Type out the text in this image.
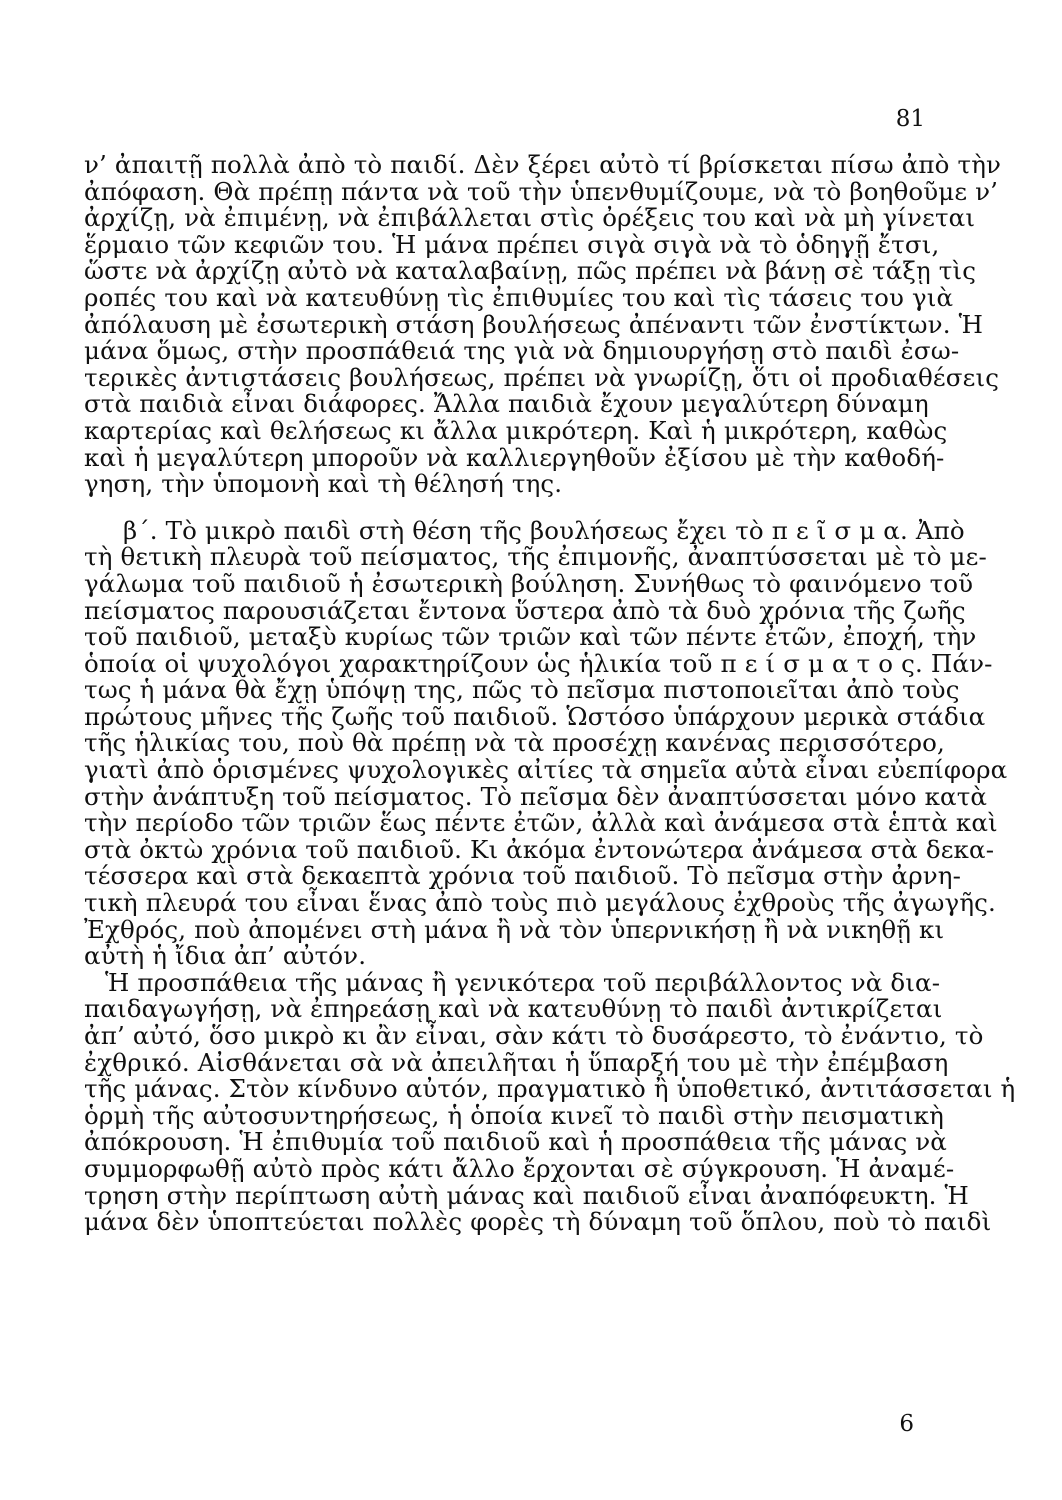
81
ν’ ἀπαιτῇ πολλὰ ἀπὸ τὸ παιδί. Δὲν ξέρει αὐτὸ τί βρίσκεται πίσω ἀπὸ τὴν
ἀπόφαση. Θὰ πρέπῃ πάντα νὰ τοῦ τὴν ὑπενθυμίζουμε, νὰ τὸ βοηθοῦμε ν’
ἀρχίζῃ, νὰ ἐπιμένῃ, νὰ ἐπιβάλλεται στὶς ὀρέξεις του καὶ νὰ μὴ γίνεται
ἕρμαιο τῶν κεφιῶν του. Ἡ μάνα πρέπει σιγὰ σιγὰ νὰ τὸ ὁδηγῇ ἔτσι,
ὥστε νὰ ἀρχίζῃ αὐτὸ νὰ καταλαβαίνῃ, πῶς πρέπει νὰ βάνῃ σὲ τάξῃ τὶς
ροπές του καὶ νὰ κατευθύνῃ τὶς ἐπιθυμίες του καὶ τὶς τάσεις του γιὰ
ἀπόλαυση μὲ ἐσωτερικὴ στάση βουλήσεως ἀπέναντι τῶν ἐνστίκτων. Ἡ
μάνα ὅμως, στὴν προσπάθειά της γιὰ νὰ δημιουργήσῃ στὸ παιδὶ ἐσω-
τερικὲς ἀντιστάσεις βουλήσεως, πρέπει νὰ γνωρίζῃ, ὅτι οἱ προδιαθέσεις
στὰ παιδιὰ εἶναι διάφορες. Ἄλλα παιδιὰ ἔχουν μεγαλύτερη δύναμη
καρτερίας καὶ θελήσεως κι ἄλλα μικρότερη. Καὶ ἡ μικρότερη, καθὼς
καὶ ἡ μεγαλύτερη μποροῦν νὰ καλλιεργηθοῦν ἐξίσου μὲ τὴν καθοδή-
γηση, τὴν ὑπομονὴ καὶ τὴ θέλησή της.
β΄. Τὸ μικρὸ παιδὶ στὴ θέση τῆς βουλήσεως ἔχει τὸ π ε ῖ σ μ α. Ἀπὸ
τὴ θετικὴ πλευρὰ τοῦ πείσματος, τῆς ἐπιμονῆς, ἀναπτύσσεται μὲ τὸ με-
γάλωμα τοῦ παιδιοῦ ἡ ἐσωτερικὴ βούληση. Συνήθως τὸ φαινόμενο τοῦ
πείσματος παρουσιάζεται ἔντονα ὕστερα ἀπὸ τὰ δυὸ χρόνια τῆς ζωῆς
τοῦ παιδιοῦ, μεταξὺ κυρίως τῶν τριῶν καὶ τῶν πέντε ἐτῶν, ἐποχή, τὴν
ὁποία οἱ ψυχολόγοι χαρακτηρίζουν ὡς ἡλικία τοῦ π ε ί σ μ α τ ο ς. Πάν-
τως ἡ μάνα θὰ ἔχῃ ὑπόψῃ της, πῶς τὸ πεῖσμα πιστοποιεῖται ἀπὸ τοὺς
πρώτους μῆνες τῆς ζωῆς τοῦ παιδιοῦ. Ὡστόσο ὑπάρχουν μερικὰ στάδια
τῆς ἡλικίας του, ποὺ θὰ πρέπῃ νὰ τὰ προσέχῃ κανένας περισσότερο,
γιατὶ ἀπὸ ὁρισμένες ψυχολογικὲς αἰτίες τὰ σημεῖα αὐτὰ εἶναι εὐεπίφορα
στὴν ἀνάπτυξη τοῦ πείσματος. Τὸ πεῖσμα δὲν ἀναπτύσσεται μόνο κατὰ
τὴν περίοδο τῶν τριῶν ἕως πέντε ἐτῶν, ἀλλὰ καὶ ἀνάμεσα στὰ ἑπτὰ καὶ
στὰ ὀκτὼ χρόνια τοῦ παιδιοῦ. Κι ἀκόμα ἐντονώτερα ἀνάμεσα στὰ δεκα-
τέσσερα καὶ στὰ δεκαεπτὰ χρόνια τοῦ παιδιοῦ. Τὸ πεῖσμα στὴν ἀρνη-
τικὴ πλευρά του εἶναι ἕνας ἀπὸ τοὺς πιὸ μεγάλους ἐχθροὺς τῆς ἀγωγῆς.
Ἐχθρός, ποὺ ἀπομένει στὴ μάνα ἢ νὰ τὸν ὑπερνικήσῃ ἢ νὰ νικηθῇ κι
αὐτὴ ἡ ἴδια ἀπ’ αὐτόν.
Ἡ προσπάθεια τῆς μάνας ἢ γενικότερα τοῦ περιβάλλοντος νὰ δια-
παιδαγωγήσῃ, νὰ ἐπηρεάσῃ καὶ νὰ κατευθύνῃ τὸ παιδὶ ἀντικρίζεται
ἀπ’ αὐτό, ὅσο μικρὸ κι ἂν εἶναι, σὰν κάτι τὸ δυσάρεστο, τὸ ἐνάντιο, τὸ
ἐχθρικό. Αἰσθάνεται σὰ νὰ ἀπειλῆται ἡ ὕπαρξή του μὲ τὴν ἐπέμβαση
τῆς μάνας. Στὸν κίνδυνο αὐτόν, πραγματικὸ ἢ ὑποθετικό, ἀντιτάσσεται ἡ
ὁρμὴ τῆς αὐτοσυντηρήσεως, ἡ ὁποία κινεῖ τὸ παιδὶ στὴν πεισματικὴ
ἀπόκρουση. Ἡ ἐπιθυμία τοῦ παιδιοῦ καὶ ἡ προσπάθεια τῆς μάνας νὰ
συμμορφωθῇ αὐτὸ πρὸς κάτι ἄλλο ἔρχονται σὲ σύγκρουση. Ἡ ἀναμέ-
τρηση στὴν περίπτωση αὐτὴ μάνας καὶ παιδιοῦ εἶναι ἀναπόφευκτη. Ἡ
μάνα δὲν ὑποπτεύεται πολλὲς φορὲς τὴ δύναμη τοῦ ὅπλου, ποὺ τὸ παιδὶ
6
